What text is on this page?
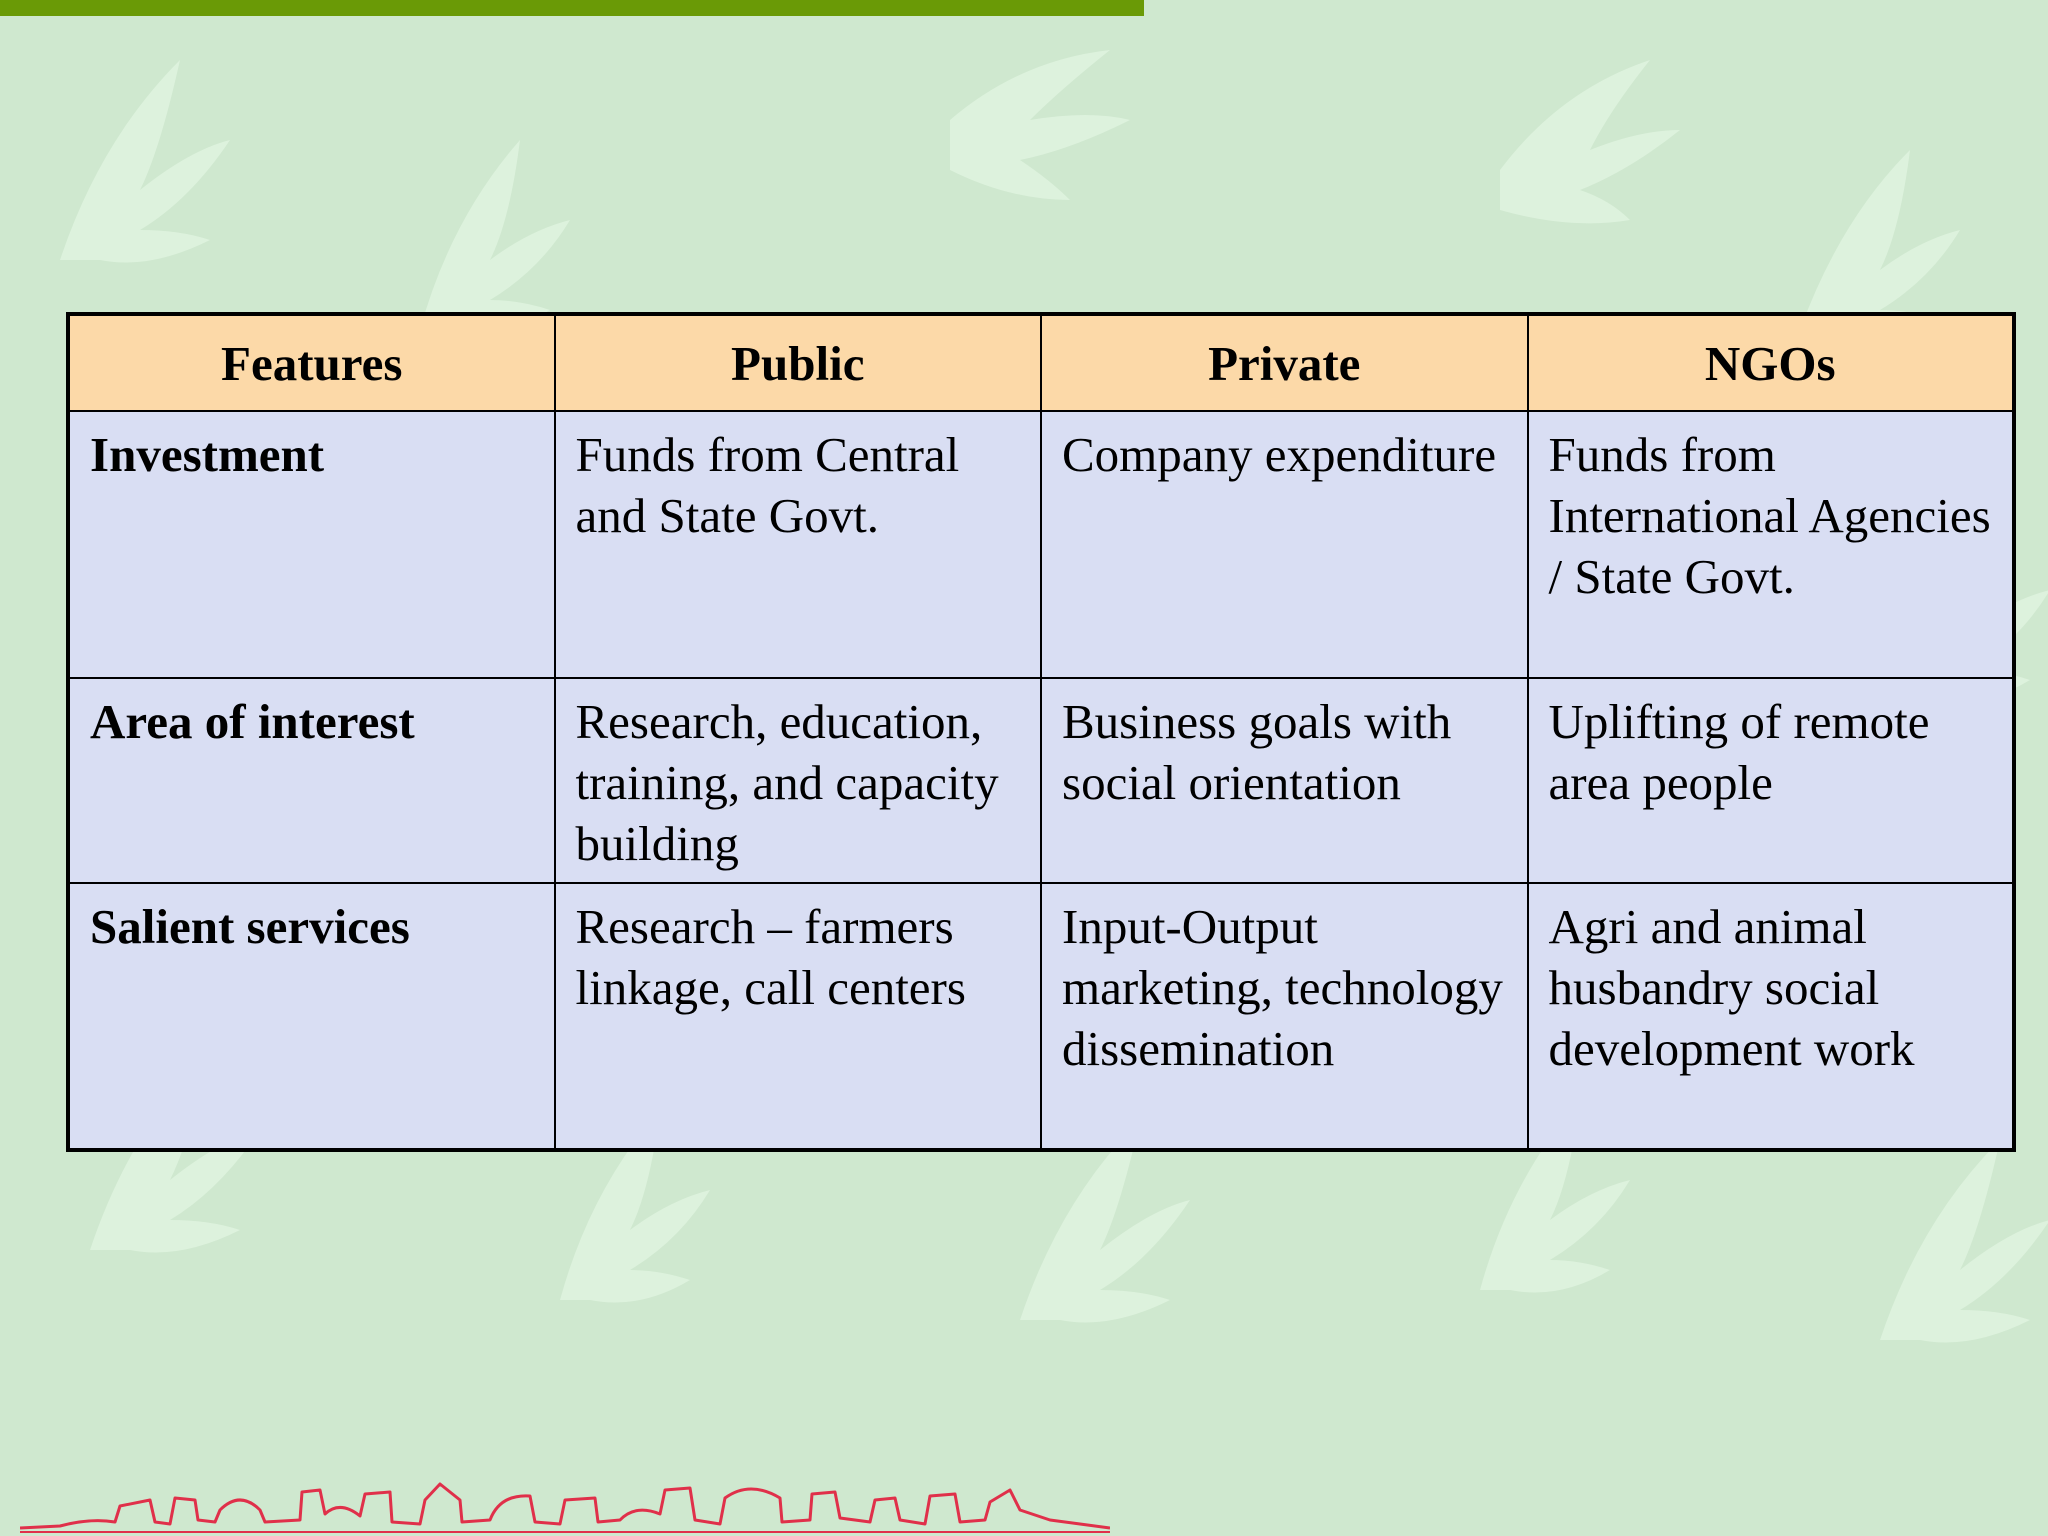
Features	Public	Private	NGOs
Investment	Funds from Central and State Govt.	Company expenditure	Funds from International Agencies / State Govt.
Area of interest	Research, education, training, and capacity building	Business goals with social orientation	Uplifting of remote area people
Salient services	Research – farmers linkage, call centers	Input-Output marketing, technology dissemination	Agri and animal husbandry social development work
